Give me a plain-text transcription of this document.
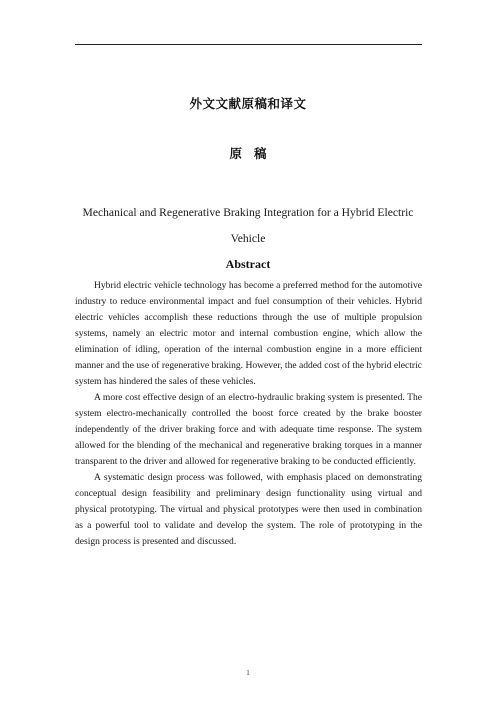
外文文献原稿和译文
原 稿
Mechanical and Regenerative Braking Integration for a Hybrid Electric Vehicle
Abstract

Hybrid electric vehicle technology has become a preferred method for the automotive industry to reduce environmental impact and fuel consumption of their vehicles. Hybrid electric vehicles accomplish these reductions through the use of multiple propulsion systems, namely an electric motor and internal combustion engine, which allow the elimination of idling, operation of the internal combustion engine in a more efficient manner and the use of regenerative braking. However, the added cost of the hybrid electric system has hindered the sales of these vehicles.

A more cost effective design of an electro-hydraulic braking system is presented. The system electro-mechanically controlled the boost force created by the brake booster independently of the driver braking force and with adequate time response. The system allowed for the blending of the mechanical and regenerative braking torques in a manner transparent to the driver and allowed for regenerative braking to be conducted efficiently.

A systematic design process was followed, with emphasis placed on demonstrating conceptual design feasibility and preliminary design functionality using virtual and physical prototyping. The virtual and physical prototypes were then used in combination as a powerful tool to validate and develop the system. The role of prototyping in the design process is presented and discussed.

1
